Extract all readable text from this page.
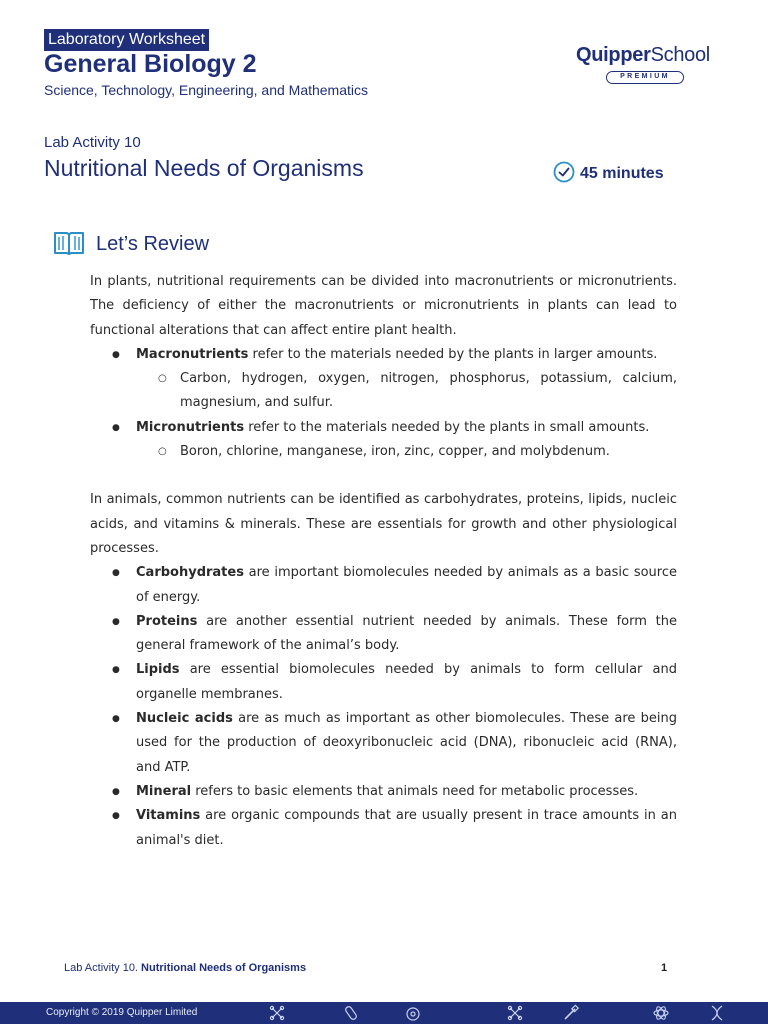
Laboratory Worksheet
General Biology 2
Science, Technology, Engineering, and Mathematics
QuipperSchool
PREMIUM
Lab Activity 10
Nutritional Needs of Organisms	45 minutes
Let’s Review

In plants, nutritional requirements can be divided into macronutrients or micronutrients. The deficiency of either the macronutrients or micronutrients in plants can lead to functional alterations that can affect entire plant health.

● Macronutrients refer to the materials needed by the plants in larger amounts.
○ Carbon, hydrogen, oxygen, nitrogen, phosphorus, potassium, calcium, magnesium, and sulfur.
● Micronutrients refer to the materials needed by the plants in small amounts.
○ Boron, chlorine, manganese, iron, zinc, copper, and molybdenum.

In animals, common nutrients can be identified as carbohydrates, proteins, lipids, nucleic acids, and vitamins & minerals. These are essentials for growth and other physiological processes.

● Carbohydrates are important biomolecules needed by animals as a basic source of energy.
● Proteins are another essential nutrient needed by animals. These form the general framework of the animal’s body.
● Lipids are essential biomolecules needed by animals to form cellular and organelle membranes.
● Nucleic acids are as much as important as other biomolecules. These are being used for the production of deoxyribonucleic acid (DNA), ribonucleic acid (RNA), and ATP.
● Mineral refers to basic elements that animals need for metabolic processes.
● Vitamins are organic compounds that are usually present in trace amounts in an animal's diet.
Lab Activity 10. Nutritional Needs of Organisms	1
Copyright © 2019 Quipper Limited
